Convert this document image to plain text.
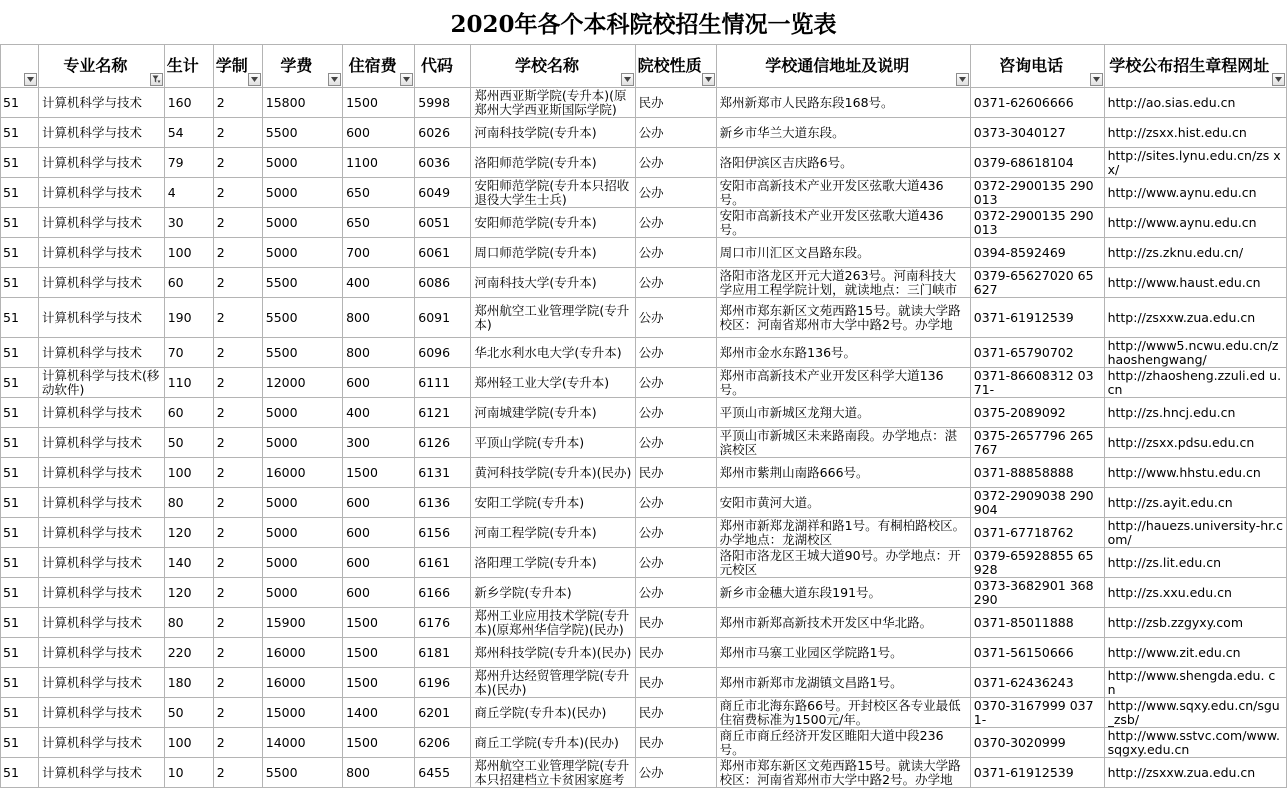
2020年各个本科院校招生情况一览表
	专业名称	生计	学制	学费	住宿费	代码	学校名称	院校性质	学校通信地址及说明	咨询电话	学校公布招生章程网址

51	计算机科学与技术	160	2	15800	1500	5998	郑州西亚斯学院(专升本)(原郑州大学西亚斯国际学院)	民办	郑州新郑市人民路东段168号。	0371-62606666	http://ao.sias.edu.cn

51	计算机科学与技术	54	2	5500	600	6026	河南科技学院(专升本)	公办	新乡市华兰大道东段。	0373-3040127	http://zsxx.hist.edu.cn

51	计算机科学与技术	79	2	5000	1100	6036	洛阳师范学院(专升本)	公办	洛阳伊滨区吉庆路6号。	0379-68618104	http://sites.lynu.edu.cn/zs xx/

51	计算机科学与技术	4	2	5000	650	6049	安阳师范学院(专升本只招收退役大学生士兵)	公办	安阳市高新技术产业开发区弦歌大道436号。	0372-2900135 290013	http://www.aynu.edu.cn

51	计算机科学与技术	30	2	5000	650	6051	安阳师范学院(专升本)	公办	安阳市高新技术产业开发区弦歌大道436号。	0372-2900135 290013	http://www.aynu.edu.cn

51	计算机科学与技术	100	2	5000	700	6061	周口师范学院(专升本)	公办	周口市川汇区文昌路东段。	0394-8592469	http://zs.zknu.edu.cn/

51	计算机科学与技术	60	2	5500	400	6086	河南科技大学(专升本)	公办	洛阳市洛龙区开元大道263号。河南科技大学应用工程学院计划，就读地点：三门峡市	0379-65627020 65627	http://www.haust.edu.cn

51	计算机科学与技术	190	2	5500	800	6091	郑州航空工业管理学院(专升本)	公办	郑州市郑东新区文苑西路15号。就读大学路校区：河南省郑州市大学中路2号。办学地	0371-61912539	http://zsxxw.zua.edu.cn

51	计算机科学与技术	70	2	5500	800	6096	华北水利水电大学(专升本)	公办	郑州市金水东路136号。	0371-65790702	http://www5.ncwu.edu.cn/zhaoshengwang/

51	计算机科学与技术(移动软件)	110	2	12000	600	6111	郑州轻工业大学(专升本)	公办	郑州市高新技术产业开发区科学大道136号。	0371-86608312 0371-	http://zhaosheng.zzuli.ed u.cn

51	计算机科学与技术	60	2	5000	400	6121	河南城建学院(专升本)	公办	平顶山市新城区龙翔大道。	0375-2089092	http://zs.hncj.edu.cn

51	计算机科学与技术	50	2	5000	300	6126	平顶山学院(专升本)	公办	平顶山市新城区未来路南段。办学地点：湛滨校区	0375-2657796 265767	http://zsxx.pdsu.edu.cn

51	计算机科学与技术	100	2	16000	1500	6131	黄河科技学院(专升本)(民办)	民办	郑州市紫荆山南路666号。	0371-88858888	http://www.hhstu.edu.cn

51	计算机科学与技术	80	2	5000	600	6136	安阳工学院(专升本)	公办	安阳市黄河大道。	0372-2909038 290904	http://zs.ayit.edu.cn

51	计算机科学与技术	120	2	5000	600	6156	河南工程学院(专升本)	公办	郑州市新郑龙湖祥和路1号。有桐柏路校区。办学地点：龙湖校区	0371-67718762	http://hauezs.university-hr.com/

51	计算机科学与技术	140	2	5000	600	6161	洛阳理工学院(专升本)	公办	洛阳市洛龙区王城大道90号。办学地点：开元校区	0379-65928855 65928	http://zs.lit.edu.cn

51	计算机科学与技术	120	2	5000	600	6166	新乡学院(专升本)	公办	新乡市金穗大道东段191号。	0373-3682901 368290	http://zs.xxu.edu.cn

51	计算机科学与技术	80	2	15900	1500	6176	郑州工业应用技术学院(专升本)(原郑州华信学院)(民办)	民办	郑州市新郑高新技术开发区中华北路。	0371-85011888	http://zsb.zzgyxy.com

51	计算机科学与技术	220	2	16000	1500	6181	郑州科技学院(专升本)(民办)	民办	郑州市马寨工业园区学院路1号。	0371-56150666	http://www.zit.edu.cn

51	计算机科学与技术	180	2	16000	1500	6196	郑州升达经贸管理学院(专升本)(民办)	民办	郑州市新郑市龙湖镇文昌路1号。	0371-62436243	http://www.shengda.edu. cn

51	计算机科学与技术	50	2	15000	1400	6201	商丘学院(专升本)(民办)	民办	商丘市北海东路66号。开封校区各专业最低住宿费标准为1500元/年。	0370-3167999 0371-	http://www.sqxy.edu.cn/sgu_zsb/

51	计算机科学与技术	100	2	14000	1500	6206	商丘工学院(专升本)(民办)	民办	商丘市商丘经济开发区睢阳大道中段236号。	0370-3020999	http://www.sstvc.com/www.sqgxy.edu.cn

51	计算机科学与技术	10	2	5500	800	6455	郑州航空工业管理学院(专升本只招建档立卡贫困家庭考	公办	郑州市郑东新区文苑西路15号。就读大学路校区：河南省郑州市大学中路2号。办学地	0371-61912539	http://zsxxw.zua.edu.cn
